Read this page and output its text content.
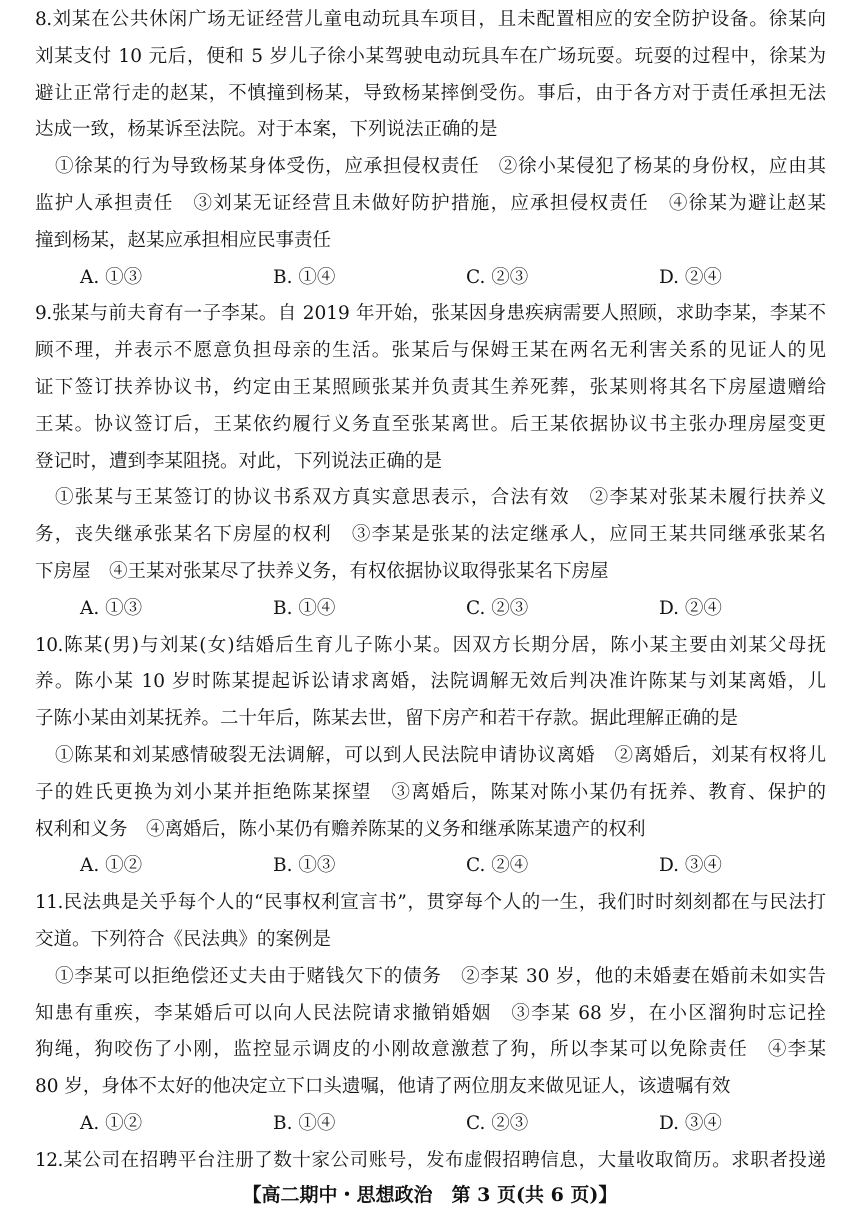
8.刘某在公共休闲广场无证经营儿童电动玩具车项目，且未配置相应的安全防护设备。徐某向
刘某支付 10 元后，便和 5 岁儿子徐小某驾驶电动玩具车在广场玩耍。玩耍的过程中，徐某为
避让正常行走的赵某，不慎撞到杨某，导致杨某摔倒受伤。事后，由于各方对于责任承担无法
达成一致，杨某诉至法院。对于本案，下列说法正确的是
①徐某的行为导致杨某身体受伤，应承担侵权责任　②徐小某侵犯了杨某的身份权，应由其
监护人承担责任　③刘某无证经营且未做好防护措施，应承担侵权责任　④徐某为避让赵某
撞到杨某，赵某应承担相应民事责任
A. ①③	B. ①④	C. ②③	D. ②④
9.张某与前夫育有一子李某。自 2019 年开始，张某因身患疾病需要人照顾，求助李某，李某不
顾不理，并表示不愿意负担母亲的生活。张某后与保姆王某在两名无利害关系的见证人的见
证下签订扶养协议书，约定由王某照顾张某并负责其生养死葬，张某则将其名下房屋遗赠给
王某。协议签订后，王某依约履行义务直至张某离世。后王某依据协议书主张办理房屋变更
登记时，遭到李某阻挠。对此，下列说法正确的是
①张某与王某签订的协议书系双方真实意思表示，合法有效　②李某对张某未履行扶养义
务，丧失继承张某名下房屋的权利　③李某是张某的法定继承人，应同王某共同继承张某名
下房屋　④王某对张某尽了扶养义务，有权依据协议取得张某名下房屋
A. ①③	B. ①④	C. ②③	D. ②④
10.陈某(男)与刘某(女)结婚后生育儿子陈小某。因双方长期分居，陈小某主要由刘某父母抚
养。陈小某 10 岁时陈某提起诉讼请求离婚，法院调解无效后判决准许陈某与刘某离婚，儿
子陈小某由刘某抚养。二十年后，陈某去世，留下房产和若干存款。据此理解正确的是
①陈某和刘某感情破裂无法调解，可以到人民法院申请协议离婚　②离婚后，刘某有权将儿
子的姓氏更换为刘小某并拒绝陈某探望　③离婚后，陈某对陈小某仍有抚养、教育、保护的
权利和义务　④离婚后，陈小某仍有赡养陈某的义务和继承陈某遗产的权利
A. ①②	B. ①③	C. ②④	D. ③④
11.民法典是关乎每个人的“民事权利宣言书”，贯穿每个人的一生，我们时时刻刻都在与民法打
交道。下列符合《民法典》的案例是
①李某可以拒绝偿还丈夫由于赌钱欠下的债务　②李某 30 岁，他的未婚妻在婚前未如实告
知患有重疾，李某婚后可以向人民法院请求撤销婚姻　③李某 68 岁，在小区溜狗时忘记拴
狗绳，狗咬伤了小刚，监控显示调皮的小刚故意激惹了狗，所以李某可以免除责任　④李某
80 岁，身体不太好的他决定立下口头遗嘱，他请了两位朋友来做见证人，该遗嘱有效
A. ①②	B. ①④	C. ②③	D. ③④
12.某公司在招聘平台注册了数十家公司账号，发布虚假招聘信息，大量收取简历。求职者投递
【高二期中・思想政治　第 3 页(共 6 页)】
